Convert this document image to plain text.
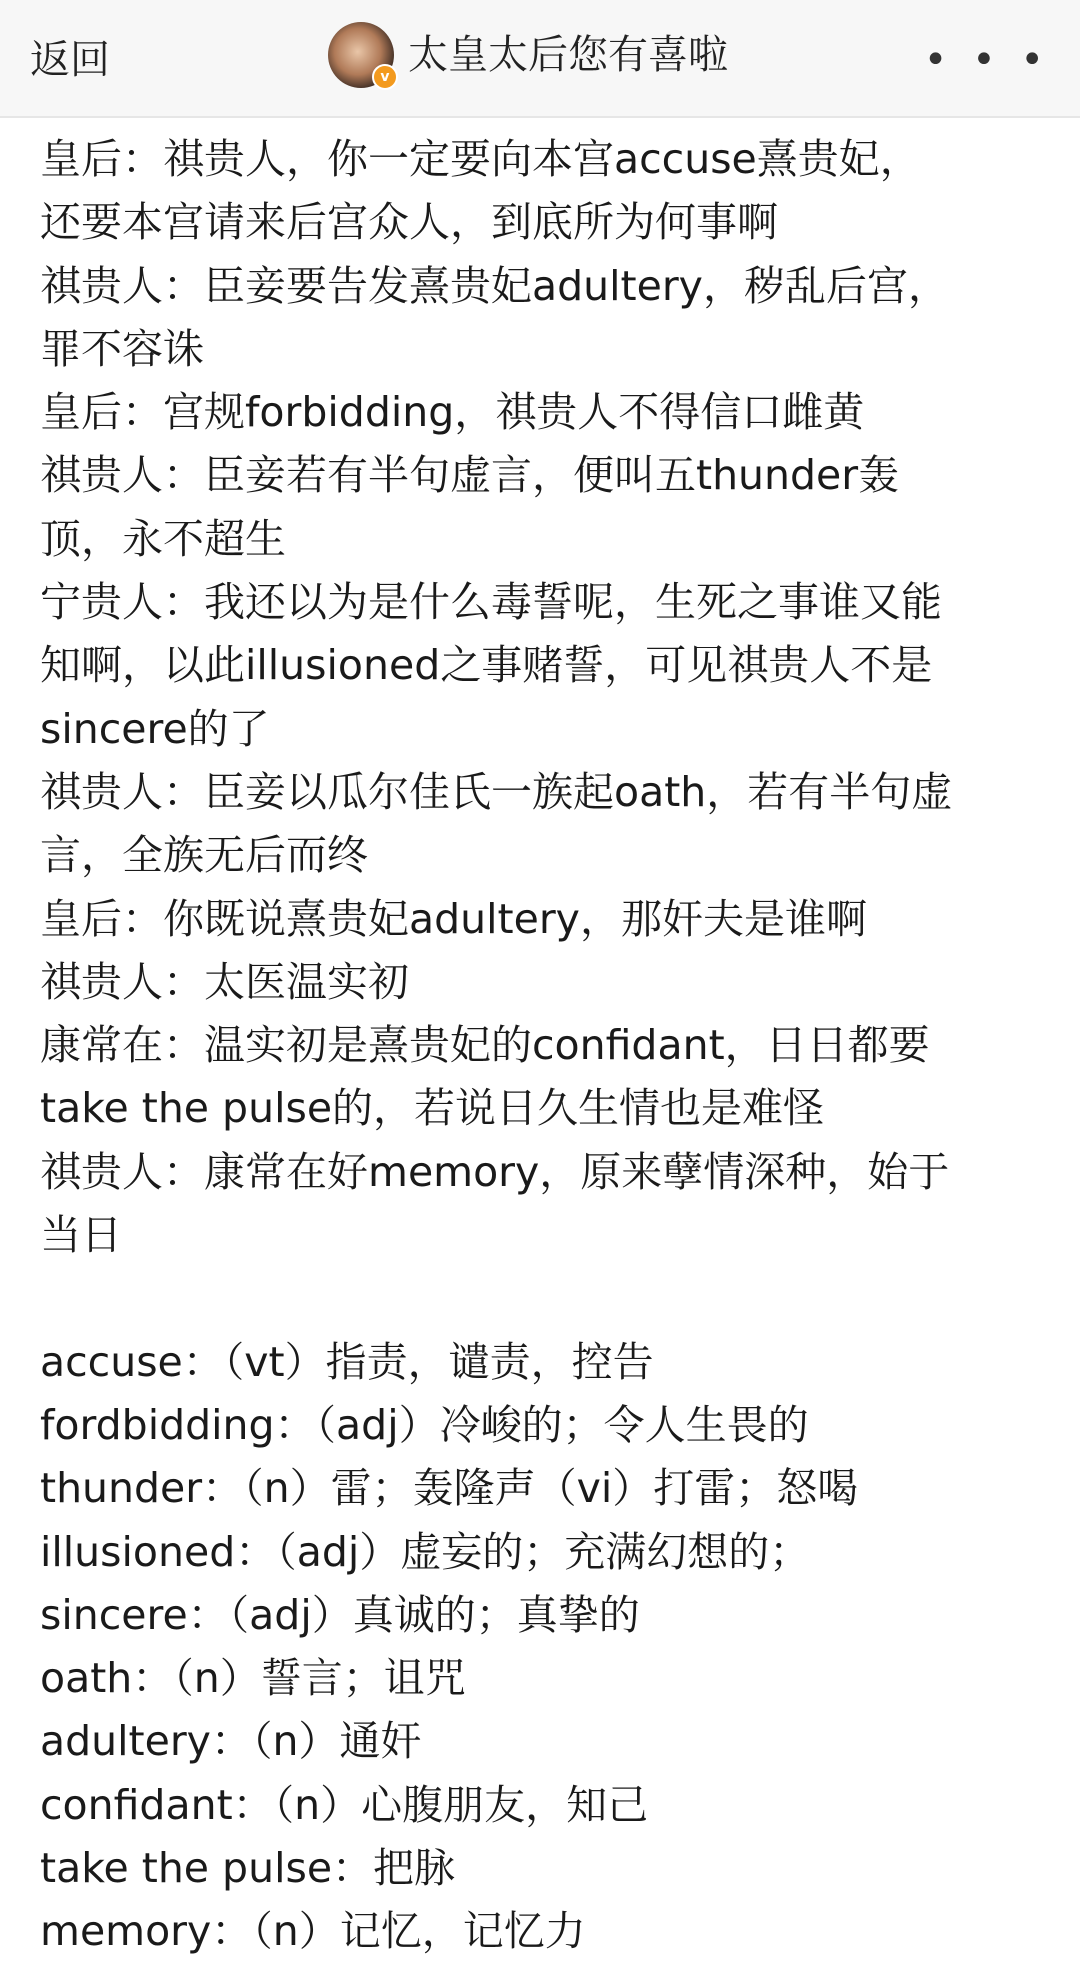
返回	v 太皇太后您有喜啦	• • •
皇后：祺贵人，你一定要向本宫accuse熹贵妃，
还要本宫请来后宫众人，到底所为何事啊
祺贵人：臣妾要告发熹贵妃adultery，秽乱后宫，
罪不容诛
皇后：宫规forbidding，祺贵人不得信口雌黄
祺贵人：臣妾若有半句虚言，便叫五thunder轰
顶，永不超生
宁贵人：我还以为是什么毒誓呢，生死之事谁又能
知啊，以此illusioned之事赌誓，可见祺贵人不是
sincere的了
祺贵人：臣妾以瓜尔佳氏一族起oath，若有半句虚
言，全族无后而终
皇后：你既说熹贵妃adultery，那奸夫是谁啊
祺贵人：太医温实初
康常在：温实初是熹贵妃的confidant，日日都要
take the pulse的，若说日久生情也是难怪
祺贵人：康常在好memory，原来孽情深种，始于
当日
accuse：（vt）指责，谴责，控告
fordbidding：（adj）冷峻的；令人生畏的
thunder：（n）雷；轰隆声（vi）打雷；怒喝
illusioned：（adj）虚妄的；充满幻想的；
sincere：（adj）真诚的；真挚的
oath：（n）誓言；诅咒
adultery：（n）通奸
confidant：（n）心腹朋友，知己
take the pulse：把脉
memory：（n）记忆，记忆力
